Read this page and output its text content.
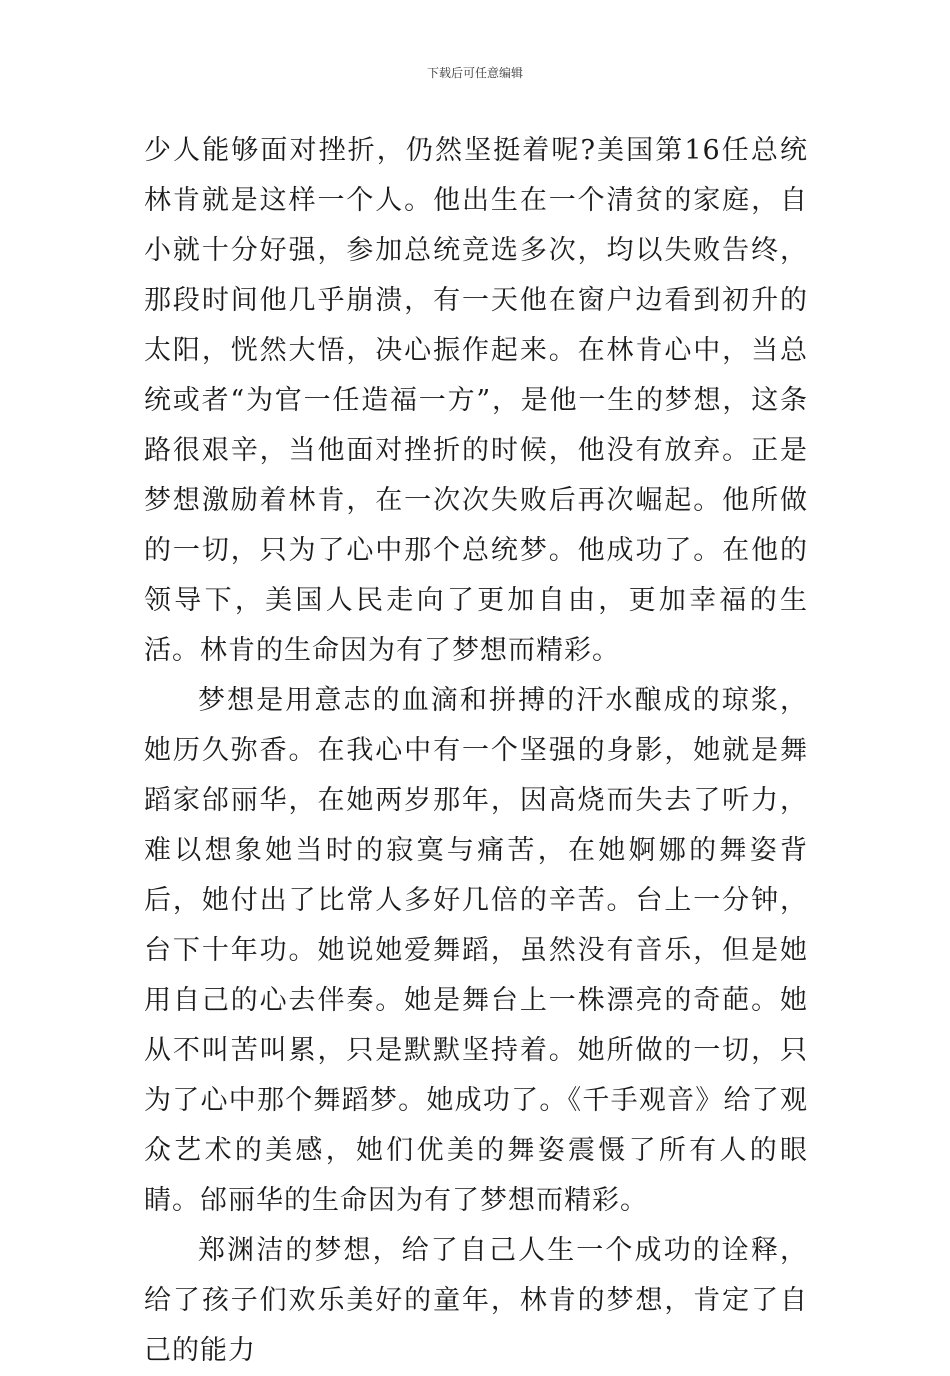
下载后可任意编辑

少人能够面对挫折，仍然坚挺着呢?美国第16任总统林肯就是这样一个人。他出生在一个清贫的家庭，自小就十分好强，参加总统竞选多次，均以失败告终，那段时间他几乎崩溃，有一天他在窗户边看到初升的太阳，恍然大悟，决心振作起来。在林肯心中，当总统或者“为官一任造福一方”，是他一生的梦想，这条路很艰辛，当他面对挫折的时候，他没有放弃。正是梦想激励着林肯，在一次次失败后再次崛起。他所做的一切，只为了心中那个总统梦。他成功了。在他的领导下，美国人民走向了更加自由，更加幸福的生活。林肯的生命因为有了梦想而精彩。

梦想是用意志的血滴和拼搏的汗水酿成的琼浆，她历久弥香。在我心中有一个坚强的身影，她就是舞蹈家邰丽华，在她两岁那年，因高烧而失去了听力，难以想象她当时的寂寞与痛苦，在她婀娜的舞姿背后，她付出了比常人多好几倍的辛苦。台上一分钟，台下十年功。她说她爱舞蹈，虽然没有音乐，但是她用自己的心去伴奏。她是舞台上一株漂亮的奇葩。她从不叫苦叫累，只是默默坚持着。她所做的一切，只为了心中那个舞蹈梦。她成功了。《千手观音》给了观众艺术的美感，她们优美的舞姿震慑了所有人的眼睛。邰丽华的生命因为有了梦想而精彩。

郑渊洁的梦想，给了自己人生一个成功的诠释，给了孩子们欢乐美好的童年，林肯的梦想，肯定了自己的能力
